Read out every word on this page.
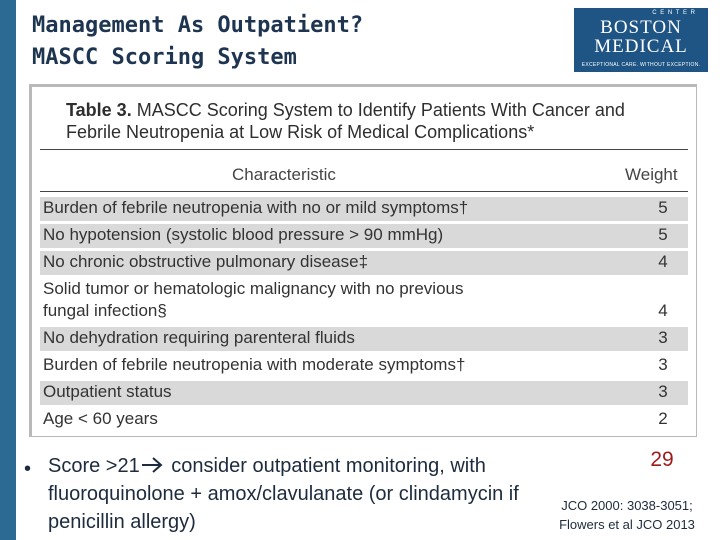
Management As Outpatient?
MASCC Scoring System
C E N T E R
BOSTON
MEDICAL
EXCEPTIONAL CARE. WITHOUT EXCEPTION.
Table 3. MASCC Scoring System to Identify Patients With Cancer and
Febrile Neutropenia at Low Risk of Medical Complications*
Characteristic	Weight
Burden of febrile neutropenia with no or mild symptoms†	5
No hypotension (systolic blood pressure > 90 mmHg)	5
No chronic obstructive pulmonary disease‡	4
Solid tumor or hematologic malignancy with no previous
fungal infection§	4
No dehydration requiring parenteral fluids	3
Burden of febrile neutropenia with moderate symptoms†	3
Outpatient status	3
Age < 60 years	2
• Score >21 consider outpatient monitoring, with fluoroquinolone + amox/clavulanate (or clindamycin if penicillin allergy)
29
JCO 2000: 3038-3051;
Flowers et al JCO 2013
